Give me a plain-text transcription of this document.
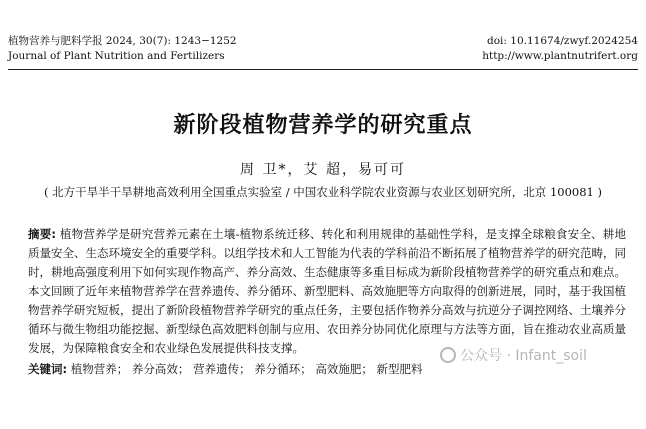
植物营养与肥料学报 2024, 30(7): 1243−1252
Journal of Plant Nutrition and Fertilizers
doi: 10.11674/zwyf.2024254
http://www.plantnutrifert.org
新阶段植物营养学的研究重点
周 卫*，艾 超，易可可
( 北方干旱半干旱耕地高效利用全国重点实验室 / 中国农业科学院农业资源与农业区划研究所，北京 100081 )
摘要: 植物营养学是研究营养元素在土壤-植物系统迁移、转化和利用规律的基础性学科，是支撑全球粮食安全、耕地质量安全、生态环境安全的重要学科。以组学技术和人工智能为代表的学科前沿不断拓展了植物营养学的研究范畴，同时，耕地高强度利用下如何实现作物高产、养分高效、生态健康等多重目标成为新阶段植物营养学的研究重点和难点。本文回顾了近年来植物营养学在营养遗传、养分循环、新型肥料、高效施肥等方向取得的创新进展，同时，基于我国植物营养学研究短板，提出了新阶段植物营养学研究的重点任务，主要包括作物养分高效与抗逆分子调控网络、土壤养分循环与微生物组功能挖掘、新型绿色高效肥料创制与应用、农田养分协同优化原理与方法等方面，旨在推动农业高质量发展，为保障粮食安全和农业绿色发展提供科技支撑。
关键词: 植物营养； 养分高效； 营养遗传； 养分循环； 高效施肥； 新型肥料
公众号 · Infant_soil
